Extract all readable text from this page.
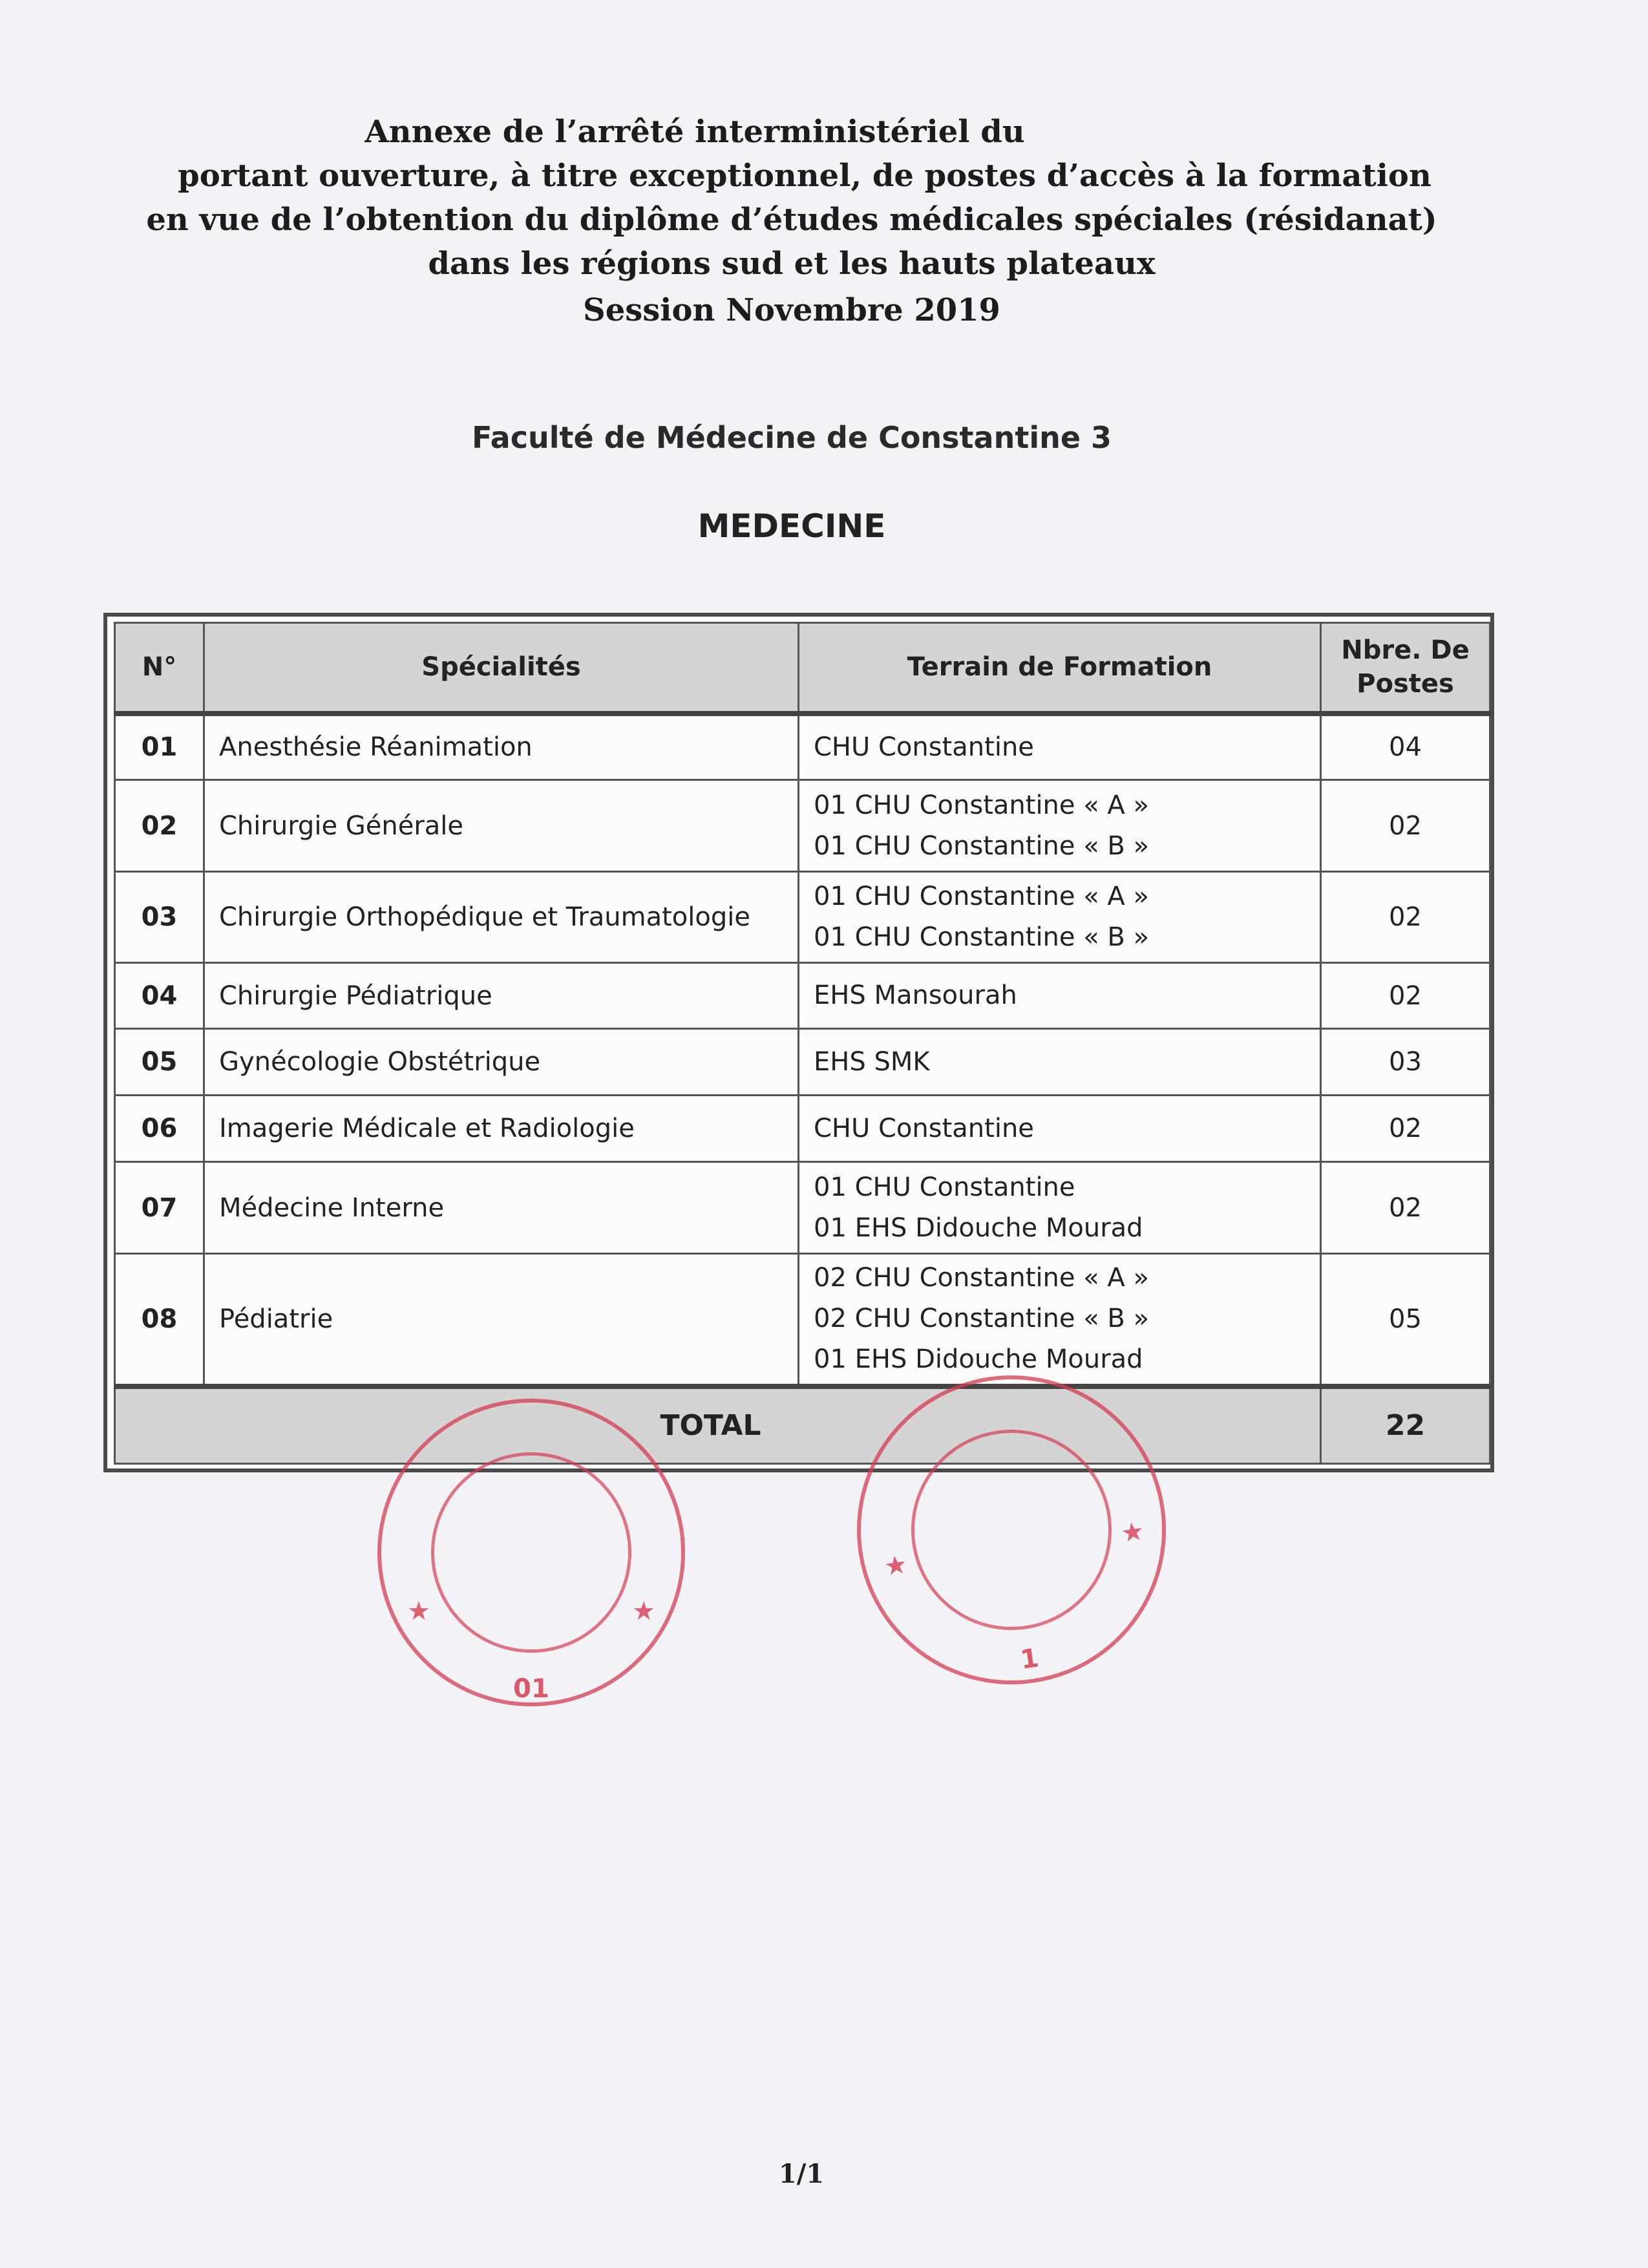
Annexe de l’arrêté interministériel du
portant ouverture, à titre exceptionnel, de postes d’accès à la formation
en vue de l’obtention du diplôme d’études médicales spéciales (résidanat)
dans les régions sud et les hauts plateaux
Session Novembre 2019
Faculté de Médecine de Constantine 3
MEDECINE
N°	Spécialités	Terrain de Formation	Nbre. De
Postes

01	Anesthésie Réanimation	CHU Constantine	04
02	Chirurgie Générale	01 CHU Constantine « A »
01 CHU Constantine « B »	02
03	Chirurgie Orthopédique et Traumatologie	01 CHU Constantine « A »
01 CHU Constantine « B »	02
04	Chirurgie Pédiatrique	EHS Mansourah	02
05	Gynécologie Obstétrique	EHS SMK	03
06	Imagerie Médicale et Radiologie	CHU Constantine	02
07	Médecine Interne	01 CHU Constantine
01 EHS Didouche Mourad	02
08	Pédiatrie	02 CHU Constantine « A »
02 CHU Constantine « B »
01 EHS Didouche Mourad	05
TOTAL			22
★	★
01
★
★
1
1/1
